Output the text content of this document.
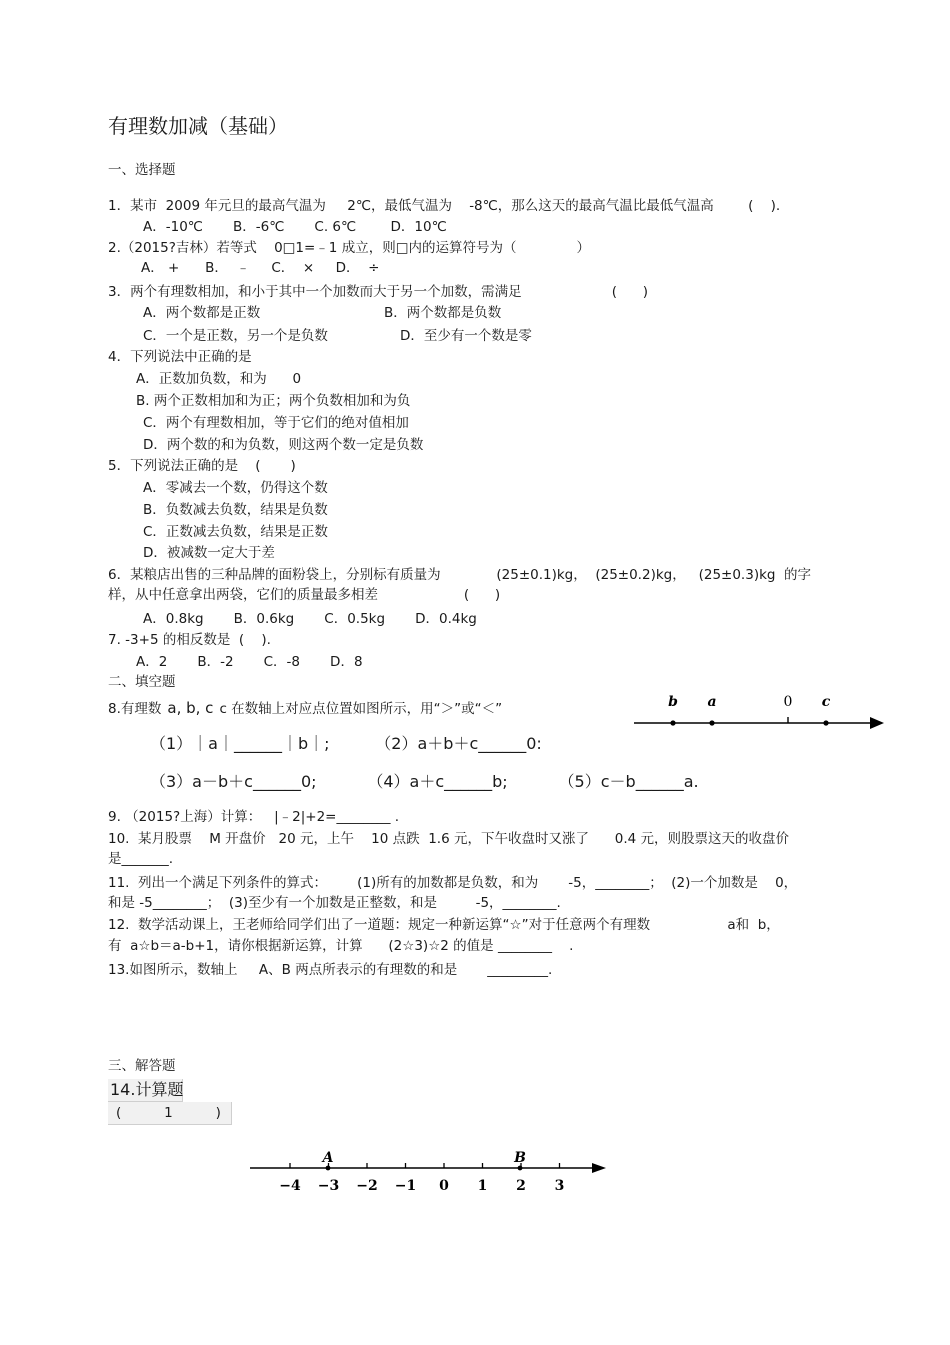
有理数加减（基础）
一、选择题
1．某市  2009 年元旦的最高气温为     2℃，最低气温为    -8℃，那么这天的最高气温比最低气温高        (    ).
A．-10℃       B．-6℃       C. 6℃        D．10℃
2.（2015?吉林）若等式    0□1=﹣1 成立，则□内的运算符号为（              ）
A． +      B．  ﹣     C．  ×     D．  ÷
3．两个有理数相加，和小于其中一个加数而大于另一个加数，需满足                     (      )
A．两个数都是正数	B．两个数都是负数
C．一个是正数，另一个是负数	D．至少有一个数是零
4．下列说法中正确的是
A．正数加负数，和为      0
B. 两个正数相加和为正；两个负数相加和为负
C．两个有理数相加，等于它们的绝对值相加
D．两个数的和为负数，则这两个数一定是负数
5．下列说法正确的是    (       )
A．零减去一个数，仍得这个数
B．负数减去负数，结果是负数
C．正数减去负数，结果是正数
D．被减数一定大于差
6．某粮店出售的三种品牌的面粉袋上，分别标有质量为             (25±0.1)kg，  (25±0.2)kg，   (25±0.3)kg  的字
样，从中任意拿出两袋，它们的质量最多相差                    (      )
A．0.8kg       B．0.6kg       C．0.5kg       D．0.4kg
7. -3+5 的相反数是  (    ).
A．2       B．-2       C．-8       D．8
二、填空题
8.有理数 a, b, c c 在数轴上对应点位置如图所示，用“＞”或“＜”	b a	0 c
（1）｜a｜______｜b｜;         （2）a＋b＋c______0:
（3）a－b＋c______0;          （4）a＋c______b;          （5）c－b______a.
9. （2015?上海）计算：   |﹣2|+2=________ .
10.  某月股票    M 开盘价   20 元，上午    10 点跌  1.6 元，下午收盘时又涨了      0.4 元，则股票这天的收盘价
是_______.
11.  列出一个满足下列条件的算式：       (1)所有的加数都是负数，和为       -5，________；  (2)一个加数是    0，
和是 -5________；  (3)至少有一个加数是正整数，和是         -5，________.
12.  数学活动课上，王老师给同学们出了一道题：规定一种新运算“☆”对于任意两个有理数                  a和  b，
有  a☆b＝a-b+1，请你根据新运算，计算      (2☆3)☆2 的值是 ________    .
13.如图所示，数轴上     A、B 两点所表示的有理数的和是       _________.
三、解答题
14.计算题
(          1          )
−4 −3 −2 −1 0 1 2 3
A	B
